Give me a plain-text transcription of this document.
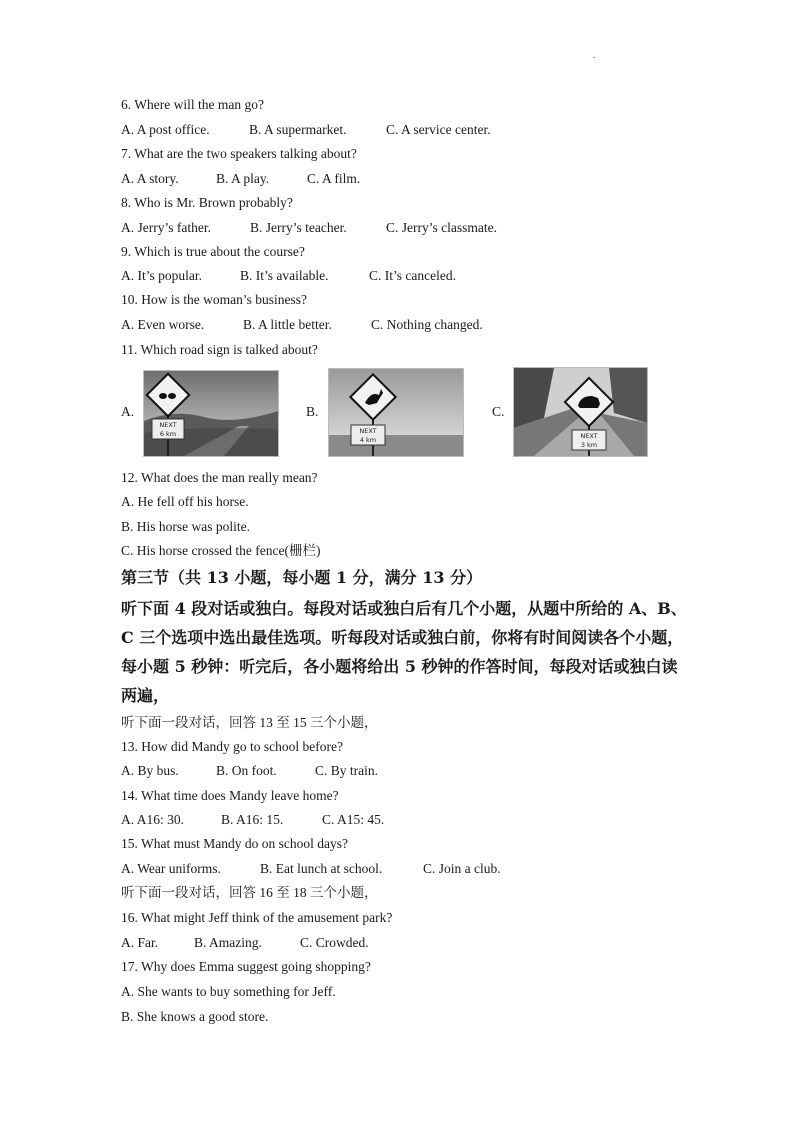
.
6. Where will the man go?
A. A post office.	B. A supermarket.	C. A service center.
7. What are the two speakers talking about?
A. A story.	B. A play.	C. A film.
8. Who is Mr. Brown probably?
A. Jerry’s father.	B. Jerry’s teacher.	C. Jerry’s classmate.
9. Which is true about the course?
A. It’s popular.	B. It’s available.	C. It’s canceled.
10. How is the woman’s business?
A. Even worse.	B. A little better.	C. Nothing changed.
11. Which road sign is talked about?
A.
NEXT
6 km
B.
NEXT
4 km
C.
NEXT
3 km
12. What does the man really mean?
A. He fell off his horse.
B. His horse was polite.
C. His horse crossed the fence(栅栏)
第三节（共 13 小题，每小题 1 分，满分 13 分）
听下面 4 段对话或独白。每段对话或独白后有几个小题，从题中所给的 A、B、
C 三个选项中选出最佳选项。听每段对话或独白前，你将有时间阅读各个小题，
每小题 5 秒钟：听完后，各小题将给出 5 秒钟的作答时间，每段对话或独白读
两遍，
听下面一段对话，回答 13 至 15 三个小题，
13. How did Mandy go to school before?
A. By bus.	B. On foot.	C. By train.
14. What time does Mandy leave home?
A. A16: 30.	B. A16: 15.	C. A15: 45.
15. What must Mandy do on school days?
A. Wear uniforms.	B. Eat lunch at school.	C. Join a club.
听下面一段对话，回答 16 至 18 三个小题，
16. What might Jeff think of the amusement park?
A. Far.	B. Amazing.	C. Crowded.
17. Why does Emma suggest going shopping?
A. She wants to buy something for Jeff.
B. She knows a good store.
